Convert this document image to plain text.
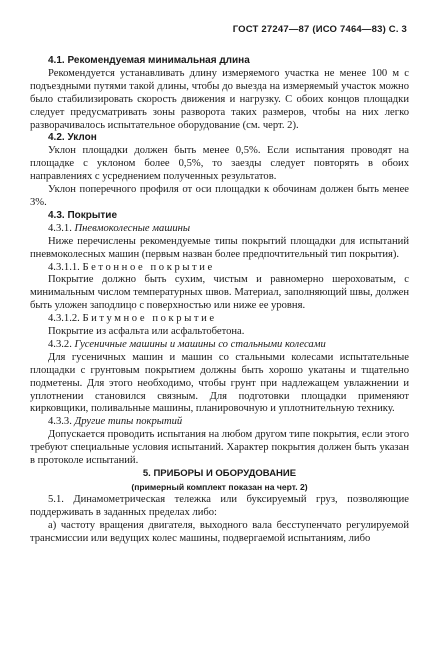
ГОСТ 27247—87 (ИСО 7464—83) С. 3

4.1. Рекомендуемая минимальная длина

Рекомендуется устанавливать длину измеряемого участка не менее 100 м с подъездными путями такой длины, чтобы до выезда на измеряемый участок можно было стабилизировать скорость движения и нагрузку. С обоих концов площадки следует предусматривать зоны разворота таких размеров, чтобы на них легко разворачивалось испытательное оборудование (см. черт. 2).

4.2. Уклон

Уклон площадки должен быть менее 0,5%. Если испытания проводят на площадке с уклоном более 0,5%, то заезды следует повторять в обоих направлениях с усреднением полученных результатов.

Уклон поперечного профиля от оси площадки к обочинам должен быть менее 3%.

4.3. Покрытие

4.3.1. Пневмоколесные машины

Ниже перечислены рекомендуемые типы покрытий площадки для испытаний пневмоколесных машин (первым назван более предпочтительный тип покрытия).

4.3.1.1. Бетонное покрытие

Покрытие должно быть сухим, чистым и равномерно шероховатым, с минимальным числом температурных швов. Материал, заполняющий швы, должен быть уложен заподлицо с поверхностью или ниже ее уровня.

4.3.1.2. Битумное покрытие

Покрытие из асфальта или асфальтобетона.

4.3.2. Гусеничные машины и машины со стальными колесами

Для гусеничных машин и машин со стальными колесами испытательные площадки с грунтовым покрытием должны быть хорошо укатаны и тщательно подметены. Для этого необходимо, чтобы грунт при надлежащем увлажнении и уплотнении становился связным. Для подготовки площадки применяют кирковщики, поливальные машины, планировочную и уплотнительную технику.

4.3.3. Другие типы покрытий

Допускается проводить испытания на любом другом типе покрытия, если этого требуют специальные условия испытаний. Характер покрытия должен быть указан в протоколе испытаний.

5. ПРИБОРЫ И ОБОРУДОВАНИЕ

(примерный комплект показан на черт. 2)

5.1. Динамометрическая тележка или буксируемый груз, позволяющие поддерживать в заданных пределах либо:

а) частоту вращения двигателя, выходного вала бесступенчато регулируемой трансмиссии или ведущих колес машины, подвергаемой испытаниям, либо
